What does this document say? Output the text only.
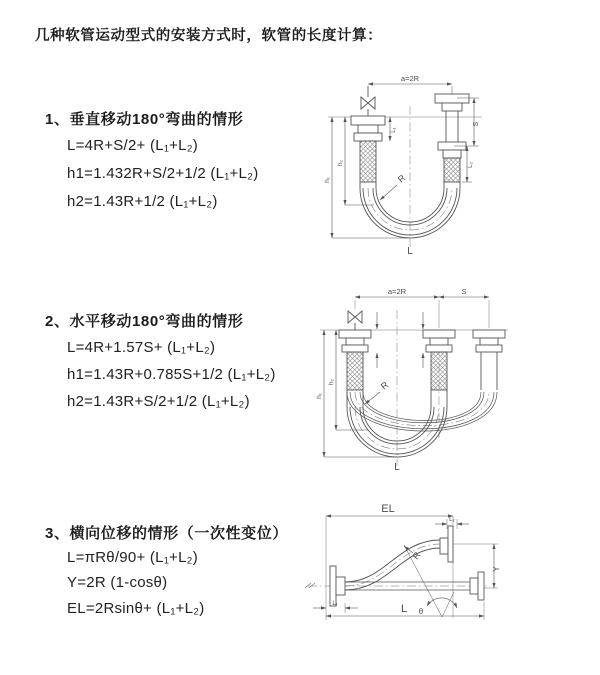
几种软管运动型式的安装方式时，软管的长度计算：
1、垂直移动180°弯曲的情形
L=4R+S/2+ (L₁+L₂)
h1=1.432R+S/2+1/2 (L₁+L₂)
h2=1.43R+1/2 (L₁+L₂)
a=2R
L₁
S
L₂
h₁
h₂
R
L
2、水平移动180°弯曲的情形
L=4R+1.57S+ (L₁+L₂)
h1=1.43R+0.785S+1/2 (L₁+L₂)
h2=1.43R+S/2+1/2 (L₁+L₂)
a=2R	S
h₁
h₂	R
L
3、横向位移的情形（一次性变位）
L=πRθ/90+ (L₁+L₂)
Y=2R (1-cosθ)
EL=2Rsinθ+ (L₁+L₂)
EL
L₂
Y
R
θ
L
L₁
